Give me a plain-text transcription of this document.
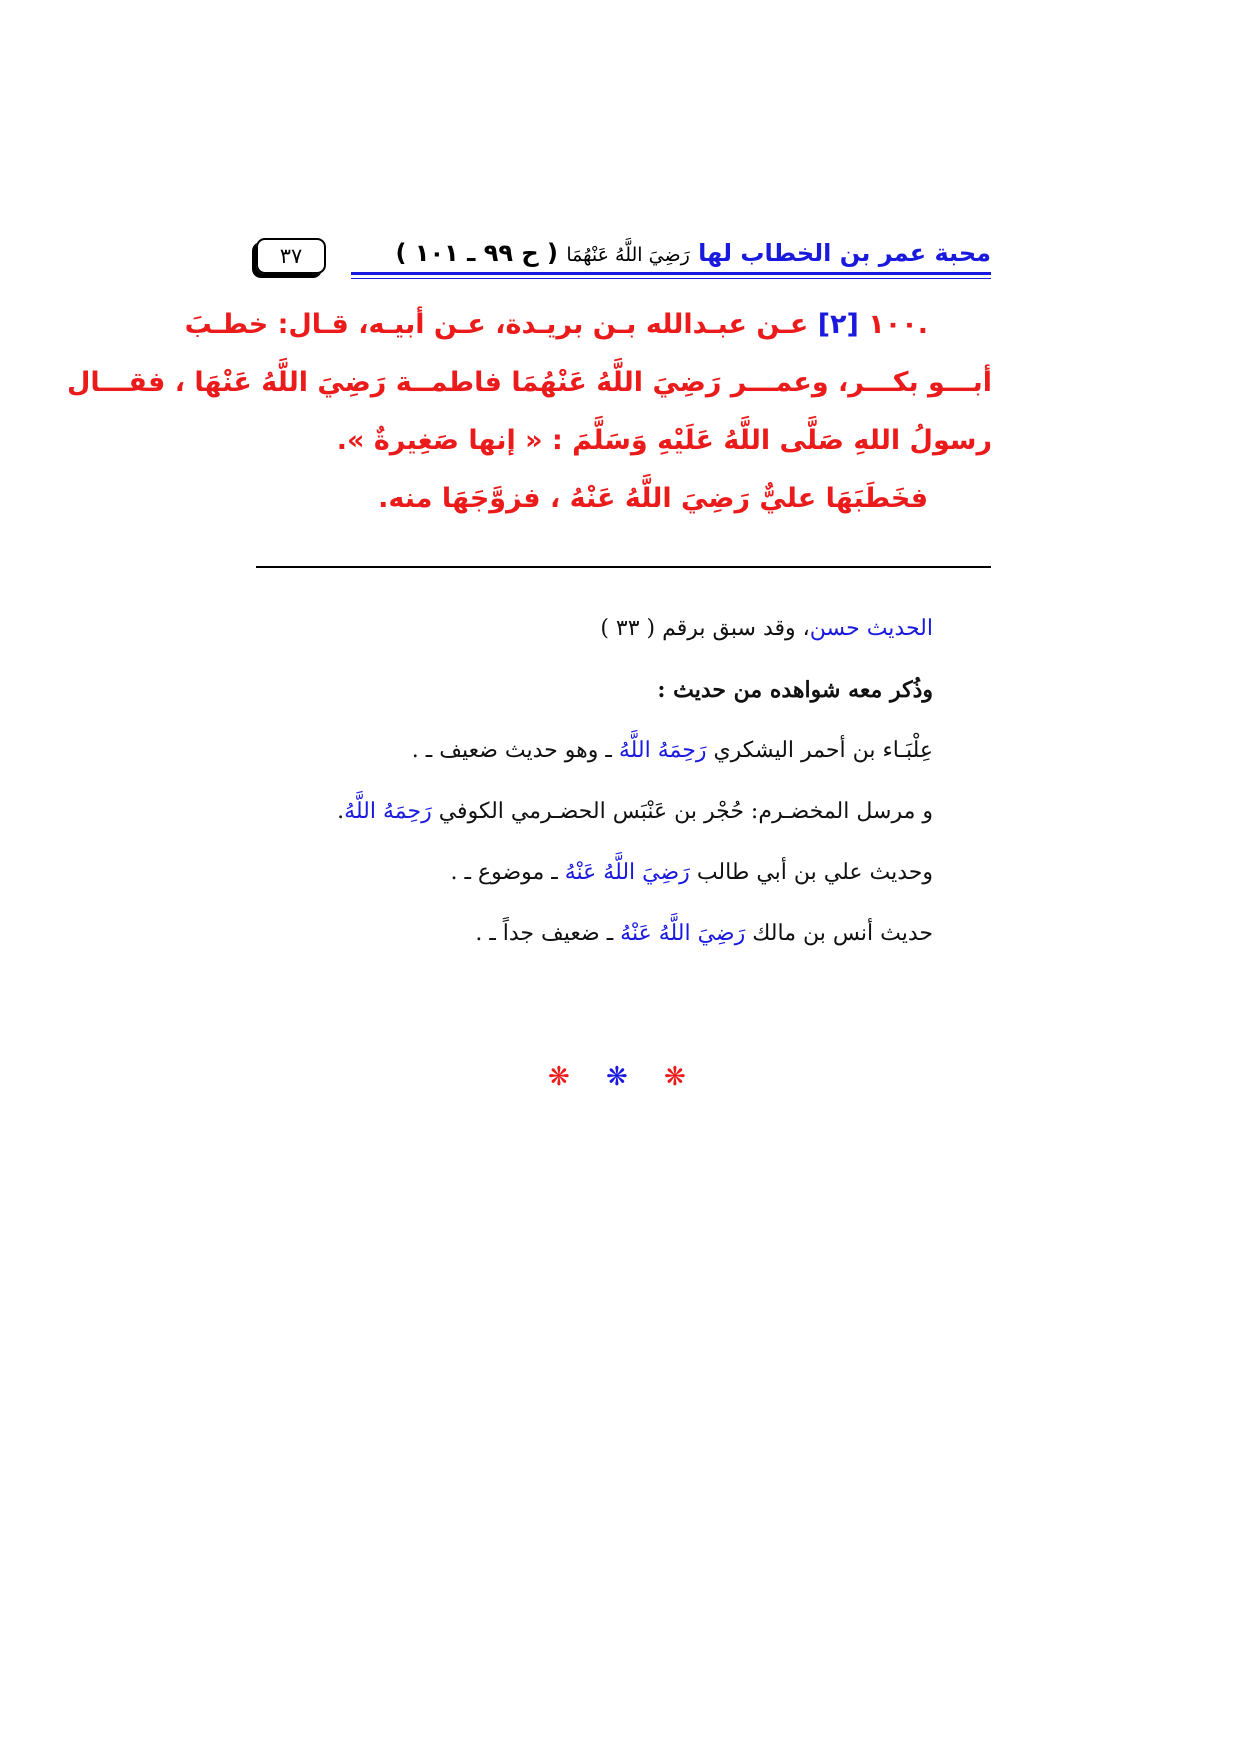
محبة عمر بن الخطاب لها رَضِيَ اللَّهُ عَنْهُمَا ( ح ٩٩ ـ ١٠١ )
٣٧
.١٠٠ [٢] عـن عبـدالله بـن بريـدة، عـن أبيـه، قـال: خطـبَ
أبـــو بكـــر، وعمـــر رَضِيَ اللَّهُ عَنْهُمَا فاطمــة رَضِيَ اللَّهُ عَنْهَا ، فقـــال
رسولُ اللهِ صَلَّى اللَّهُ عَلَيْهِ وَسَلَّمَ : « إنها صَغِيرةٌ ».
فخَطَبَهَا عليٌّ رَضِيَ اللَّهُ عَنْهُ ، فزوَّجَهَا منه.
الحديث حسن، وقد سبق برقم ( ٣٣ )
وذُكر معه شواهده من حديث :
عِلْبَـاء بن أحمر اليشكري رَحِمَهُ اللَّهُ ـ وهو حديث ضعيف ـ .
و مرسل المخضـرم: حُجْر بن عَنْبَس الحضـرمي الكوفي رَحِمَهُ اللَّهُ.
وحديث علي بن أبي طالب رَضِيَ اللَّهُ عَنْهُ ـ موضوع ـ .
حديث أنس بن مالك رَضِيَ اللَّهُ عَنْهُ ـ ضعيف جداً ـ .
❋ ❋ ❋
